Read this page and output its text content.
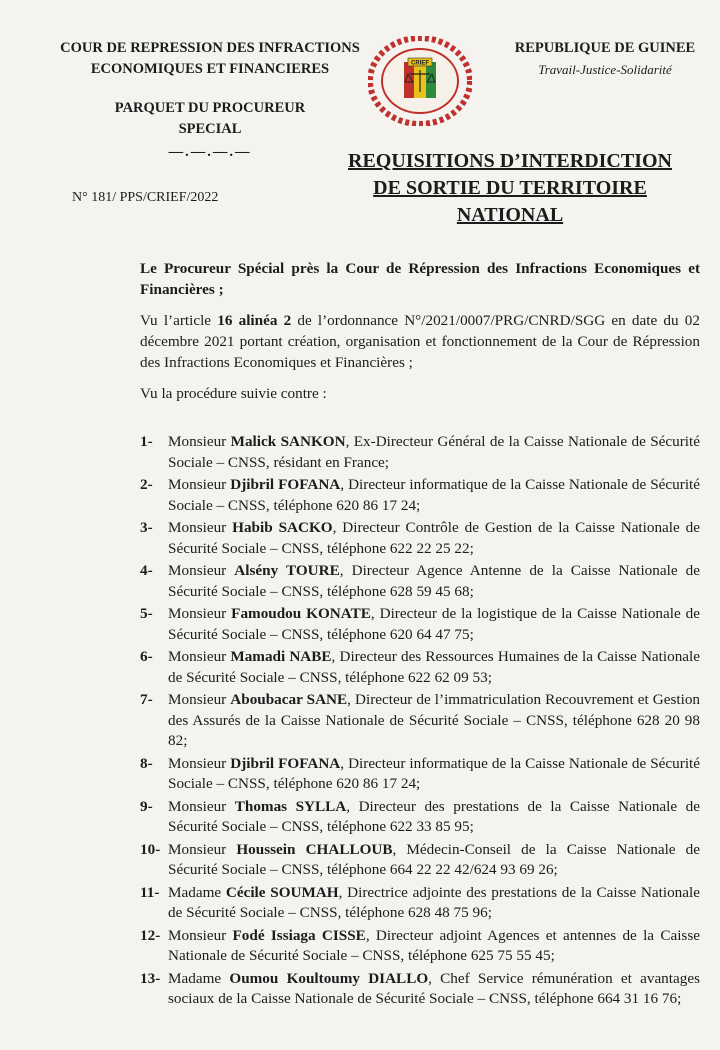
COUR DE REPRESSION DES INFRACTIONS
ECONOMIQUES ET FINANCIERES
PARQUET DU PROCUREUR
SPECIAL
—.—.—.—
CRIEF
REPUBLIQUE DE GUINEE
Travail-Justice-Solidarité
N° 181/ PPS/CRIEF/2022
REQUISITIONS D’INTERDICTION
DE SORTIE DU TERRITOIRE
NATIONAL

Le Procureur Spécial près la Cour de Répression des Infractions Economiques et Financières ;

Vu l’article 16 alinéa 2 de l’ordonnance N°/2021/0007/PRG/CNRD/SGG en date du 02 décembre 2021 portant création, organisation et fonctionnement de la Cour de Répression des Infractions Economiques et Financières ;

Vu la procédure suivie contre :

1- Monsieur Malick SANKON, Ex-Directeur Général de la Caisse Nationale de Sécurité Sociale – CNSS, résidant en France;
2- Monsieur Djibril FOFANA, Directeur informatique de la Caisse Nationale de Sécurité Sociale – CNSS, téléphone 620 86 17 24;
3- Monsieur Habib SACKO, Directeur Contrôle de Gestion de la Caisse Nationale de Sécurité Sociale – CNSS, téléphone 622 22 25 22;
4- Monsieur Alsény TOURE, Directeur Agence Antenne de la Caisse Nationale de Sécurité Sociale – CNSS, téléphone 628 59 45 68;
5- Monsieur Famoudou KONATE, Directeur de la logistique de la Caisse Nationale de Sécurité Sociale – CNSS, téléphone 620 64 47 75;
6- Monsieur Mamadi NABE, Directeur des Ressources Humaines de la Caisse Nationale de Sécurité Sociale – CNSS, téléphone 622 62 09 53;
7- Monsieur Aboubacar SANE, Directeur de l’immatriculation Recouvrement et Gestion des Assurés de la Caisse Nationale de Sécurité Sociale – CNSS, téléphone 628 20 98 82;
8- Monsieur Djibril FOFANA, Directeur informatique de la Caisse Nationale de Sécurité Sociale – CNSS, téléphone 620 86 17 24;
9- Monsieur Thomas SYLLA, Directeur des prestations de la Caisse Nationale de Sécurité Sociale – CNSS, téléphone 622 33 85 95;
10- Monsieur Houssein CHALLOUB, Médecin-Conseil de la Caisse Nationale de Sécurité Sociale – CNSS, téléphone 664 22 22 42/624 93 69 26;
11- Madame Cécile SOUMAH, Directrice adjointe des prestations de la Caisse Nationale de Sécurité Sociale – CNSS, téléphone 628 48 75 96;
12- Monsieur Fodé Issiaga CISSE, Directeur adjoint Agences et antennes de la Caisse Nationale de Sécurité Sociale – CNSS, téléphone 625 75 55 45;
13- Madame Oumou Koultoumy DIALLO, Chef Service rémunération et avantages sociaux de la Caisse Nationale de Sécurité Sociale – CNSS, téléphone 664 31 16 76;
